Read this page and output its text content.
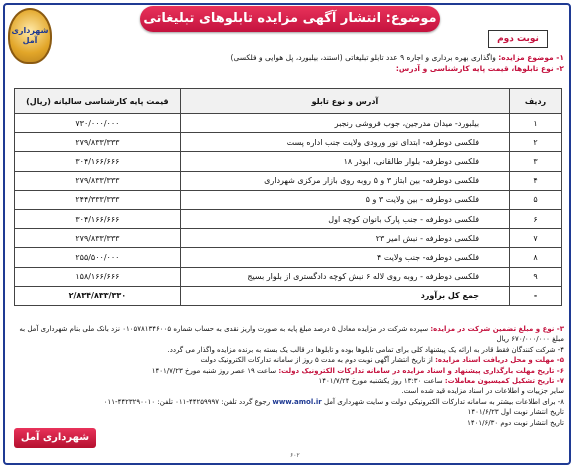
موضوع: انتشار آگهی مزایده تابلوهای تبلیغاتی
شهرداری آمل	نوبت دوم
۱- موضوع مزایده: واگذاری بهره برداری و اجاره ۹ عدد تابلو تبلیغاتی (استند، بیلبورد، پل هوایی و فلکسی)
۲- نوع تابلوها، قیمت پایه کارشناسی و آدرس:
ردیف	آدرس و نوع تابلو	قیمت پایه کارشناسی سالیانه (ریال)
۱	بیلبورد- میدان مدرجین، جوب فروشی رنجبر	۷۳۰/۰۰۰/۰۰۰
۲	فلکسی دوطرفه- ابتدای نور ورودی ولایت جنب اداره پست	۲۷۹/۸۳۳/۳۳۳
۳	فلکسی دوطرفه- بلوار طالقانی، ابوذر ۱۸	۳۰۴/۱۶۶/۶۶۶
۴	فلکسی دوطرفه- بین ابتاز ۳ و ۵ روبه روی بازار مرکزی شهرداری	۲۷۹/۸۳۳/۳۳۳
۵	فلکسی دوطرفه - بین ولایت ۳ و ۵	۲۴۴/۳۳۳/۳۳۳
۶	فلکسی دوطرفه - جنب پارک بانوان کوچه اول	۳۰۴/۱۶۶/۶۶۶
۷	فلکسی دوطرفه - نبش امیر ۲۳	۲۷۹/۸۳۳/۳۳۳
۸	فلکسی دوطرفه- جنب ولایت ۴	۲۵۵/۵۰۰/۰۰۰
۹	فلکسی دوطرفه - روبه روی لاله ۶ نبش کوچه دادگستری از بلوار بسیج	۱۵۸/۱۶۶/۶۶۶
-	جمع کل برآورد	۲/۸۳۴/۸۳۳/۳۳۰
۳- نوع و مبلغ تضمین شرکت در مزایده: سپرده شرکت در مزایده معادل ۵ درصد مبلغ پایه به صورت واریز نقدی به حساب شماره ۰۱۰۵۷۸۱۳۴۶۰۰۵ نزد بانک ملی بنام شهرداری آمل به مبلغ ۶۷۰/۰۰۰/۰۰۰ ریال
۴- شرکت کنندگان فقط قادر به ارائه یک پیشنهاد کلی برای تمامی تابلوها بوده و تابلوها در قالب یک بسته به برنده مزایده واگذار می گردد.
۵- مهلت و محل دریافت اسناد مزایده: از تاریخ انتشار آگهی نوبت دوم به مدت ۵ روز از سامانه تدارکات الکترونیک دولت
۶- تاریخ مهلت بارگذاری پیشنهاد و اسناد مزایده در سامانه تدارکات الکترونیک دولت: ساعت ۱۹ عصر روز شنبه مورخ ۱۴۰۱/۷/۲۳
۷- تاریخ تشکیل کمیسیون معاملات: ساعت ۱۳:۳۰ روز یکشنبه مورخ ۱۴۰۱/۷/۲۴
سایر جزییات و اطلاعات در اسناد مزایده قید شده است.
۸- برای اطلاعات بیشتر به سامانه تدارکات الکترونیکی دولت و سایت شهرداری آمل www.amol.ir رجوع گردد تلفن: ۴۴۲۵۹۹۹۷-۰۱۱ تلفن: ۴۴۲۳۲۹۰۰۱۰-۰۱۱
تاریخ انتشار نوبت اول ۱۴۰۱/۶/۲۳
تاریخ انتشار نوبت دوم ۱۴۰۱/۶/۳۰
شهرداری آمل
۶۰۲
